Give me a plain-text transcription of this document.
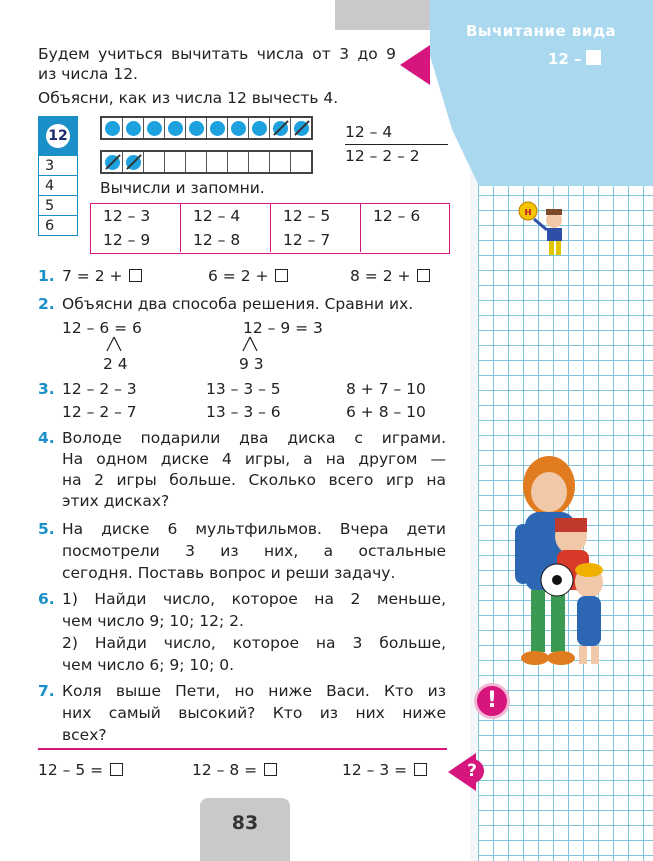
Вычитание вида
12 –
Будем учиться вычитать числа от 3 до 9
из числа 12.
Объясни, как из числа 12 вычесть 4.
12
3
4
5
6
12 – 4
12 – 2 – 2
Вычисли и запомни.
12 – 3	12 – 4	12 – 5	12 – 6
12 – 9	12 – 8	12 – 7
1. 7 = 2 +	6 = 2 +	8 = 2 +
2. Объясни два способа решения. Сравни их.
12 – 6 = 6	12 – 9 = 3
2 4	9 3
3. 12 – 2 – 3	13 – 3 – 5	8 + 7 – 10
12 – 2 – 7	13 – 3 – 6	6 + 8 – 10
4. Володе подарили два диска с играми.
На одном диске 4 игры, а на другом —
на 2 игры больше. Сколько всего игр на
этих дисках?
5. На диске 6 мультфильмов. Вчера дети
посмотрели 3 из них, а остальные
сегодня. Поставь вопрос и реши задачу.
6. 1) Найди число, которое на 2 меньше,
чем число 9; 10; 12; 2.
2) Найди число, которое на 3 больше,
чем число 6; 9; 10; 0.
7. Коля выше Пети, но ниже Васи. Кто из
них самый высокий? Кто из них ниже
всех?
12 – 5 =	12 – 8 =	12 – 3 =	?
!
83
н
